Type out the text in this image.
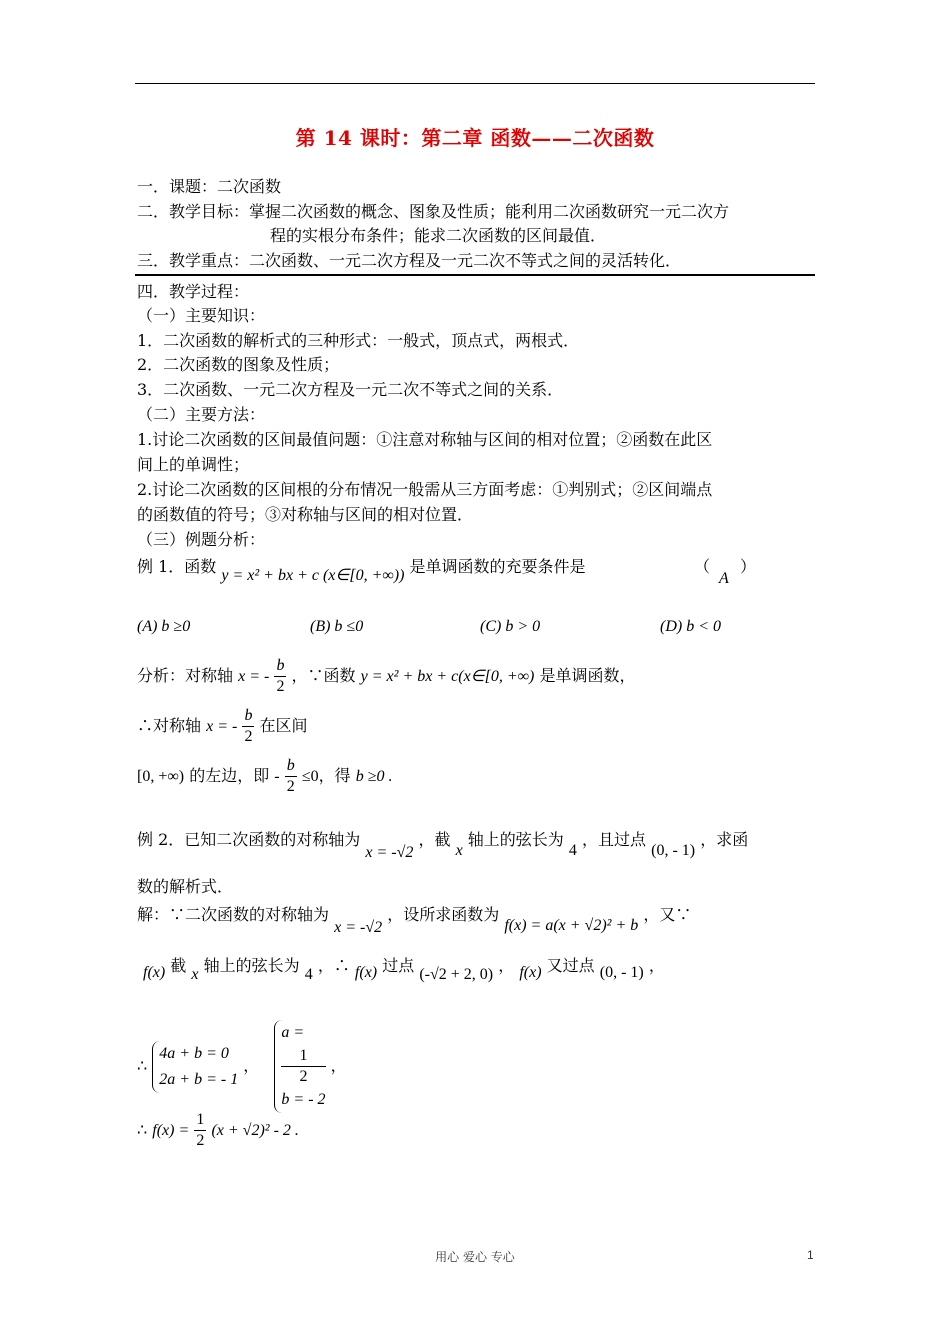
第 14 课时：第二章 函数——二次函数
一．课题：二次函数
二．教学目标：掌握二次函数的概念、图象及性质；能利用二次函数研究一元二次方
程的实根分布条件；能求二次函数的区间最值．
三．教学重点：二次函数、一元二次方程及一元二次不等式之间的灵活转化．
四．教学过程：
（一）主要知识：
1．二次函数的解析式的三种形式：一般式，顶点式，两根式．
2．二次函数的图象及性质；
3．二次函数、一元二次方程及一元二次不等式之间的关系．
（二）主要方法：
1.讨论二次函数的区间最值问题：①注意对称轴与区间的相对位置；②函数在此区
间上的单调性；
2.讨论二次函数的区间根的分布情况一般需从三方面考虑：①判别式；②区间端点
的函数值的符号；③对称轴与区间的相对位置．
（三）例题分析：
例 1．函数 y = x² + bx + c (x∈[0, +∞)) 是单调函数的充要条件是	（
A
）
(A) b ≥0	(B) b ≤0	(C) b > 0	(D) b < 0
分析：对称轴 x = - $\frac{b}{2}$ ，∵函数 y = x² + bx + c(x∈[0, +∞) 是单调函数，
∴对称轴 x = - $\frac{b}{2}$ 在区间
[0, +∞) 的左边，即 - $\frac{b}{2} \le 0$，得 b ≥0 .
例 2．已知二次函数的对称轴为 x = -√2 ，截 x 轴上的弦长为 4 ，且过点 (0, - 1) ，求函
数的解析式．
解：∵二次函数的对称轴为 x = -√2 ，设所求函数为 f(x) = a(x + √2)² + b ，又∵
f(x) 截 x 轴上的弦长为 4 ，∴ f(x) 过点 (-√2 + 2, 0) ， f(x) 又过点 (0, - 1) ，
∴
4a + b = 0
2a + b = - 1
，
a =
1
2
b = - 2
，
∴ $f(x) = \frac{1}{2} (x + √2)^2 - 2$ .
用心 爱心 专心	1
